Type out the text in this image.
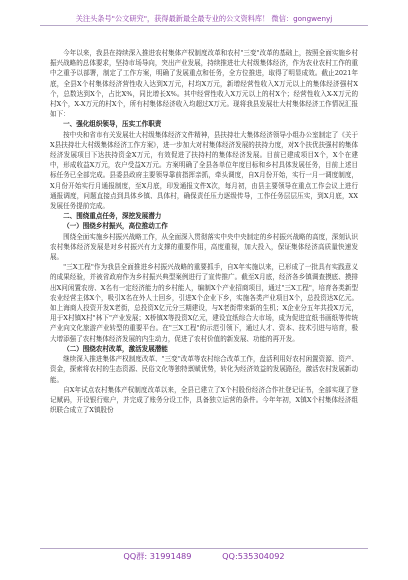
关注头条号"公文研究"，获得最新最全最专业的公文资料库！ 微信：gongwenyj

今年以来，我县在持续深入推进农村集体产权制度改革和农村"三变"改革的基础上，按照全面实施乡村振兴战略的总体要求，坚持市场导向，突出产业发展，持续推进壮大村级集体经济，作为农业农村工作的重中之重予以部署，制定了工作方案，明确了发展重点和任务，全方位推进，取得了明显成效。截止2021年底，全县X个村集体经济营性收入达到X万元，村均X万元，新增经营性收入X万元以上的集体经济强村X个，总数达到X个，占比X%，同比增长X%。其中经营性收入X万元以上的村X个；经营性收入X-X万元的村X个，X-X万元的村X个，所有村集体经济收入均超过X万元。现将我县发展壮大村集体经济工作情况汇报如下：

一、强化组织领导，压实工作职责

按中央和省市有关发展壮大村级集体经济文件精神，县扶持壮大集体经济领导小组办公室制定了《关于X县扶持壮大村级集体经济工作方案》，进一步加大对村集体经济发展的扶持力度，对X个扶优扶强村的集体经济发展项目下达扶持资金X万元，有效促进了扶持村的集体经济发展。目前已建成项目X个，X个在建中，形成收益X万元，农户受益X万元。方案明确了全县各单位年度目标和乡村具体发展任务，目前上述目标任务已全部完成。县委县政府主要领导靠前指挥亲抓，牵头调度，自X月份开始，实行一月一调度制度，X月份开始实行月通报制度，至X月底，印发通报文件X次，每月初，由县主要领导在重点工作会议上进行通报调度，问题直接点到具体乡镇、具体村，确保责任压力逐级传导，工作任务层层压实，到X月底，XX发展任务提前完成。

二、围绕重点任务，深挖发展潜力

（一）围绕乡村振兴，高位推动工作

围绕全面实施乡村振兴战略工作，从全面深入贯彻落实中央中央制定的乡村振兴战略的高度，深刻认识农村集体经济发展是对乡村振兴有力支撑的重要作用，高度重视，加大投入，保证集体经济高质量快速发展。

"三X工程"作为我县全面推进乡村振兴战略的重要抓手，自X年实施以来，已形成了一批具有实践意义的成果经验，并被省政府作为乡村振兴典型案例进行了宣传推广。截至X月底，经济各乡镇调查摸底、摸排出X问闲置农房、X名有一定经济能力的乡村能人，编制X个产业招商项目，通过"三X工程"，培育各类新型农业经营主体X个，吸引X名在外人士回乡，引进X个企业下乡，实施各类产业项目X个，总投资达X亿元。如上海商人投资开发X老街，总投资X亿元分三期建设，与X老街带来新的生机；X企业分五年共投X万元，用于X村镇X村"林下"产业发展；X桥镇X等投资X亿元，建设宜纸综合大市场，成为促进宜纸书画纸等传统产业向文化旅游产业转型的重要平台。在"三X工程"的示范引领下，通过人才、资本、技术引进与培育，极大增添强了农村集体经济发展的内生动力，促进了农村价值的新发展、功能的再开发。

（二）围绕农村改革，激活发展潜能

继续深入推进集体产权制度改革、"三变"改革等农村综合改革工作，盘活利用好农村闲置资源、资产、资金，探索将农村的生态资源、民俗文化等独特禀赋优势，转化为经济效益的发展路径，激活农村发展新动能。

自X年试点农村集体产权制度改革以来，全县已建立了X个村股份经济合作社登记证书，全部实现了登记赋码，开设银行账户，并完成了账务分设工作，具备独立运营的条件。今年年初，X镇X个村集体经济组织联合成立了X镇股份

QQ群: 31991489	QQ:535304092
